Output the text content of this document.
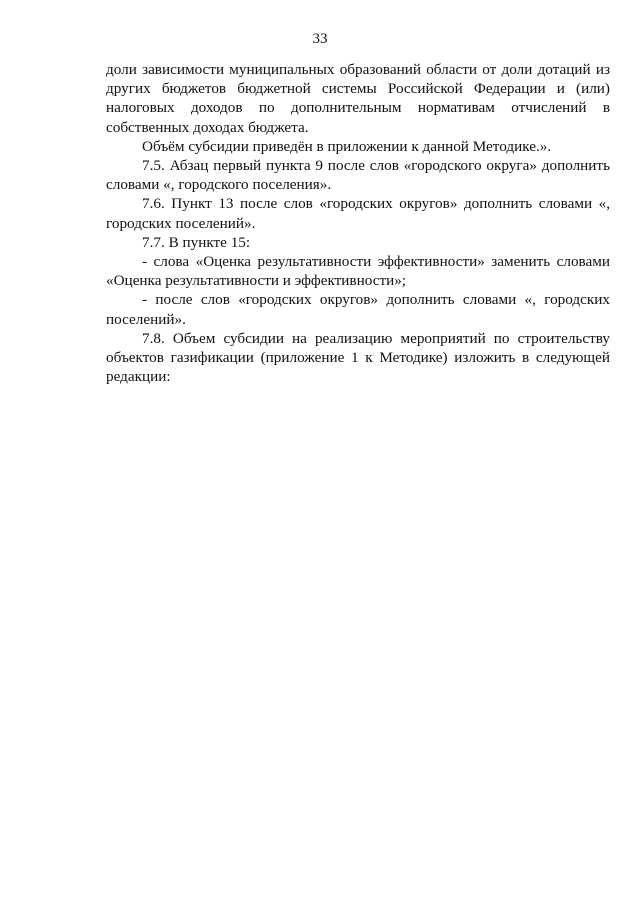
33

доли зависимости муниципальных образований области от доли дотаций из других бюджетов бюджетной системы Российской Федерации и (или) налоговых доходов по дополнительным нормативам отчислений в собственных доходах бюджета.

Объём субсидии приведён в приложении к данной Методике.».

7.5. Абзац первый пункта 9 после слов «городского округа» дополнить словами «, городского поселения».

7.6. Пункт 13 после слов «городских округов» дополнить словами «, городских поселений».

7.7. В пункте 15:

- слова «Оценка результативности эффективности» заменить словами «Оценка результативности и эффективности»;

- после слов «городских округов» дополнить словами «, городских поселений».

7.8. Объем субсидии на реализацию мероприятий по строительству объектов газификации (приложение 1 к Методике) изложить в следующей редакции:
